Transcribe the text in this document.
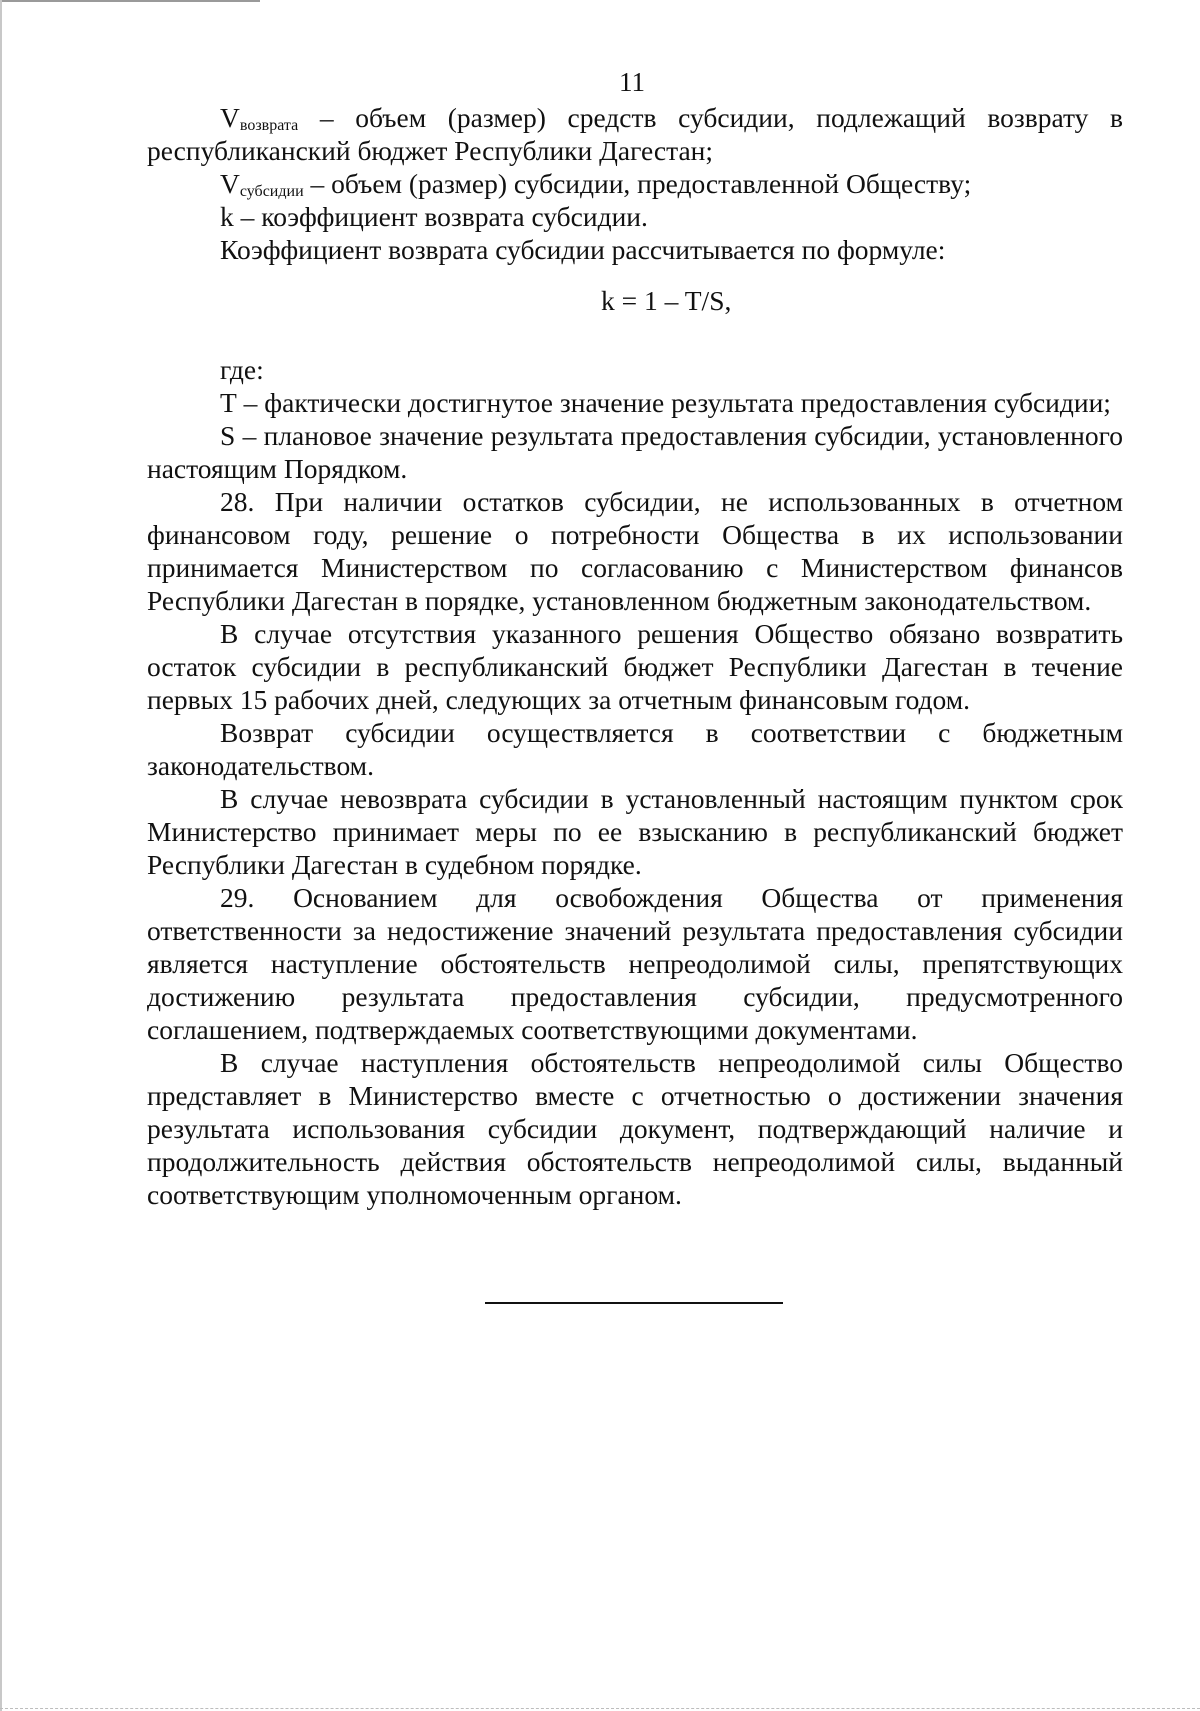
11

$V_{возврата}$ – объем (размер) средств субсидии, подлежащий возврату в республиканский бюджет Республики Дагестан;

$V_{субсидии}$ – объем (размер) субсидии, предоставленной Обществу;

k – коэффициент возврата субсидии.

Коэффициент возврата субсидии рассчитывается по формуле:

k = 1 – T/S,

где:

Т – фактически достигнутое значение результата предоставления субсидии;

S – плановое значение результата предоставления субсидии, установленного настоящим Порядком.

28. При наличии остатков субсидии, не использованных в отчетном финансовом году, решение о потребности Общества в их использовании принимается Министерством по согласованию с Министерством финансов Республики Дагестан в порядке, установленном бюджетным законодательством.

В случае отсутствия указанного решения Общество обязано возвратить остаток субсидии в республиканский бюджет Республики Дагестан в течение первых 15 рабочих дней, следующих за отчетным финансовым годом.

Возврат субсидии осуществляется в соответствии с бюджетным законодательством.

В случае невозврата субсидии в установленный настоящим пунктом срок Министерство принимает меры по ее взысканию в республиканский бюджет Республики Дагестан в судебном порядке.

29. Основанием для освобождения Общества от применения ответственности за недостижение значений результата предоставления субсидии является наступление обстоятельств непреодолимой силы, препятствующих достижению результата предоставления субсидии, предусмотренного соглашением, подтверждаемых соответствующими документами.

В случае наступления обстоятельств непреодолимой силы Общество представляет в Министерство вместе с отчетностью о достижении значения результата использования субсидии документ, подтверждающий наличие и продолжительность действия обстоятельств непреодолимой силы, выданный соответствующим уполномоченным органом.
